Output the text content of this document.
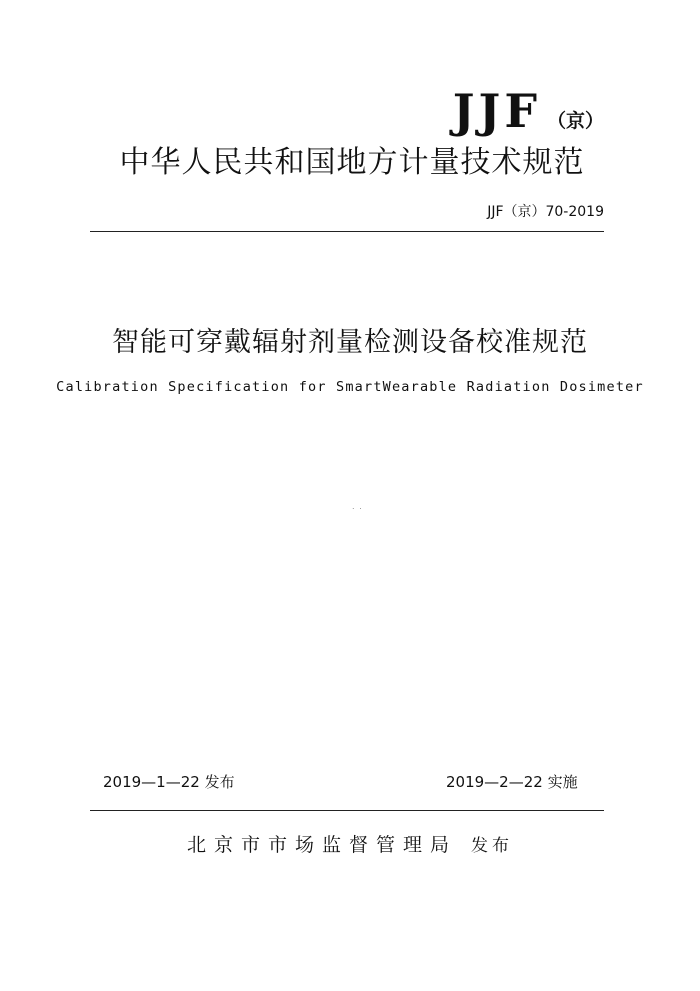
JJF （京）
中华人民共和国地方计量技术规范
JJF（京）70-2019
智能可穿戴辐射剂量检测设备校准规范
Calibration Specification for SmartWearable Radiation Dosimeter
. .
2019—1—22 发布	2019—2—22 实施
北京市市场监督管理局 发布
